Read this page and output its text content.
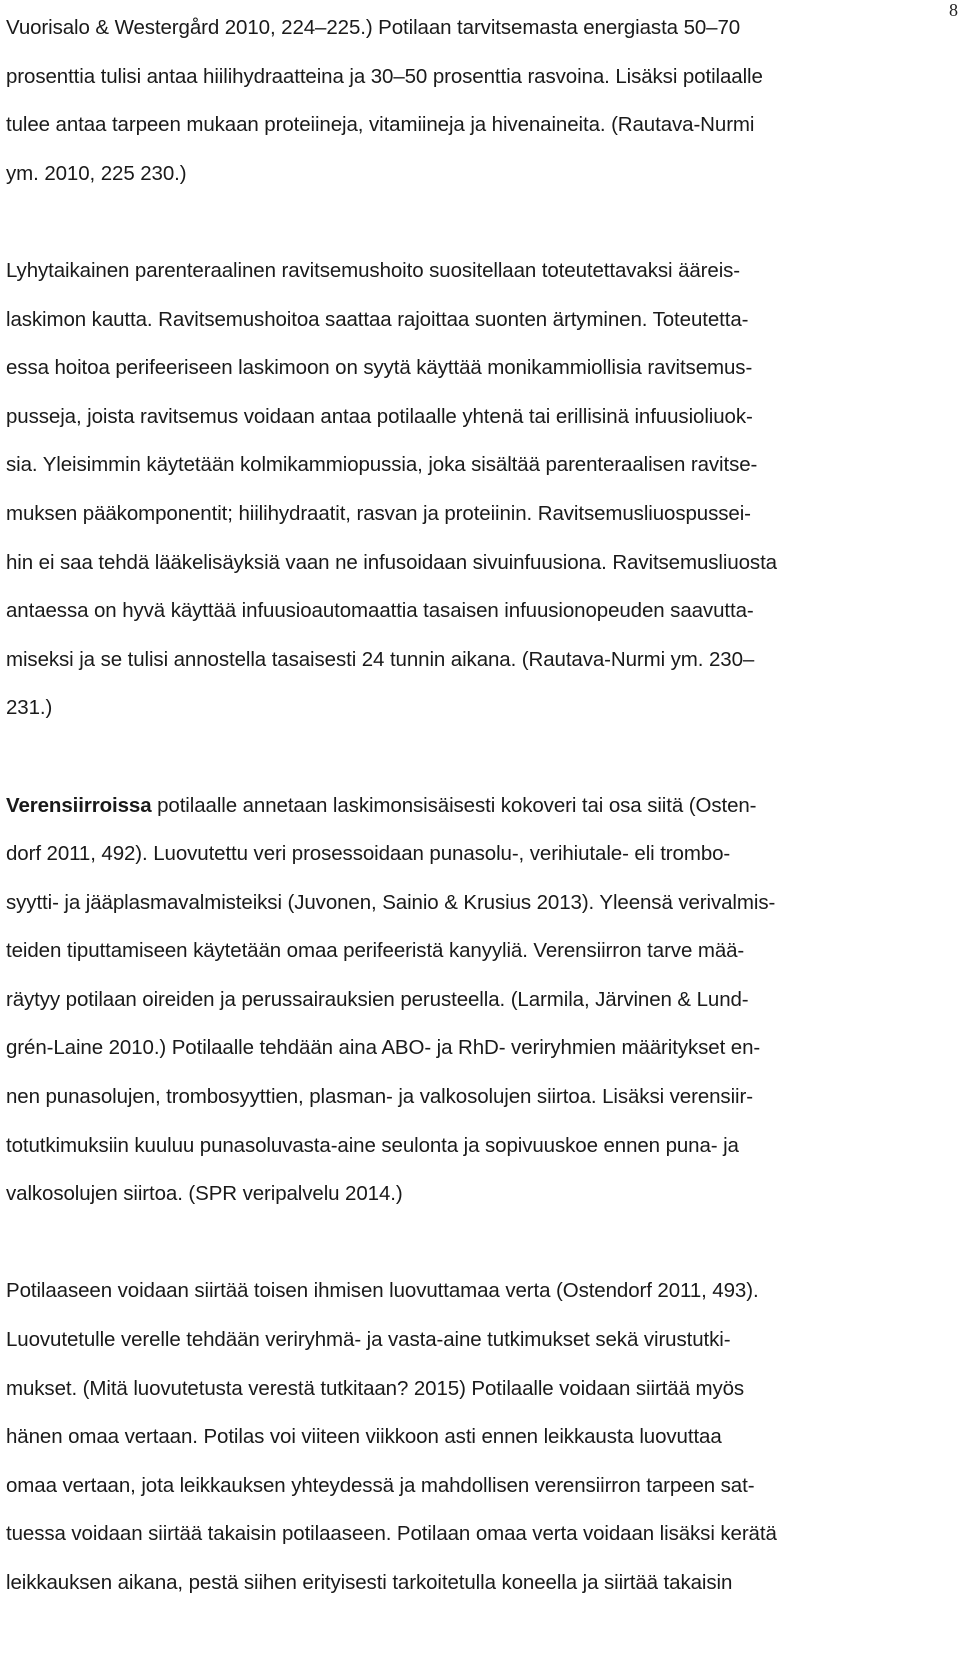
8
Vuorisalo & Westergård 2010, 224–225.) Potilaan tarvitsemasta energiasta 50–70
prosenttia tulisi antaa hiilihydraatteina ja 30–50 prosenttia rasvoina. Lisäksi potilaalle
tulee antaa tarpeen mukaan proteiineja, vitamiineja ja hivenaineita. (Rautava-Nurmi
ym. 2010, 225 230.)
Lyhytaikainen parenteraalinen ravitsemushoito suositellaan toteutettavaksi ääreis-
laskimon kautta. Ravitsemushoitoa saattaa rajoittaa suonten ärtyminen. Toteutetta-
essa hoitoa perifeeriseen laskimoon on syytä käyttää monikammiollisia ravitsemus-
pusseja, joista ravitsemus voidaan antaa potilaalle yhtenä tai erillisinä infuusioliuok-
sia. Yleisimmin käytetään kolmikammiopussia, joka sisältää parenteraalisen ravitse-
muksen pääkomponentit; hiilihydraatit, rasvan ja proteiinin. Ravitsemusliuospussei-
hin ei saa tehdä lääkelisäyksiä vaan ne infusoidaan sivuinfuusiona. Ravitsemusliuosta
antaessa on hyvä käyttää infuusioautomaattia tasaisen infuusionopeuden saavutta-
miseksi ja se tulisi annostella tasaisesti 24 tunnin aikana. (Rautava-Nurmi ym. 230–
231.)
Verensiirroissa potilaalle annetaan laskimonsisäisesti kokoveri tai osa siitä (Osten-
dorf 2011, 492). Luovutettu veri prosessoidaan punasolu-, verihiutale- eli trombo-
syytti- ja jääplasmavalmisteiksi (Juvonen, Sainio & Krusius 2013). Yleensä verivalmis-
teiden tiputtamiseen käytetään omaa perifeeristä kanyyliä. Verensiirron tarve mää-
räytyy potilaan oireiden ja perussairauksien perusteella. (Larmila, Järvinen & Lund-
grén-Laine 2010.) Potilaalle tehdään aina ABO- ja RhD- veriryhmien määritykset en-
nen punasolujen, trombosyyttien, plasman- ja valkosolujen siirtoa. Lisäksi verensiir-
totutkimuksiin kuuluu punasoluvasta-aine seulonta ja sopivuuskoe ennen puna- ja
valkosolujen siirtoa. (SPR veripalvelu 2014.)
Potilaaseen voidaan siirtää toisen ihmisen luovuttamaa verta (Ostendorf 2011, 493).
Luovutetulle verelle tehdään veriryhmä- ja vasta-aine tutkimukset sekä virustutki-
mukset. (Mitä luovutetusta verestä tutkitaan? 2015) Potilaalle voidaan siirtää myös
hänen omaa vertaan. Potilas voi viiteen viikkoon asti ennen leikkausta luovuttaa
omaa vertaan, jota leikkauksen yhteydessä ja mahdollisen verensiirron tarpeen sat-
tuessa voidaan siirtää takaisin potilaaseen. Potilaan omaa verta voidaan lisäksi kerätä
leikkauksen aikana, pestä siihen erityisesti tarkoitetulla koneella ja siirtää takaisin
